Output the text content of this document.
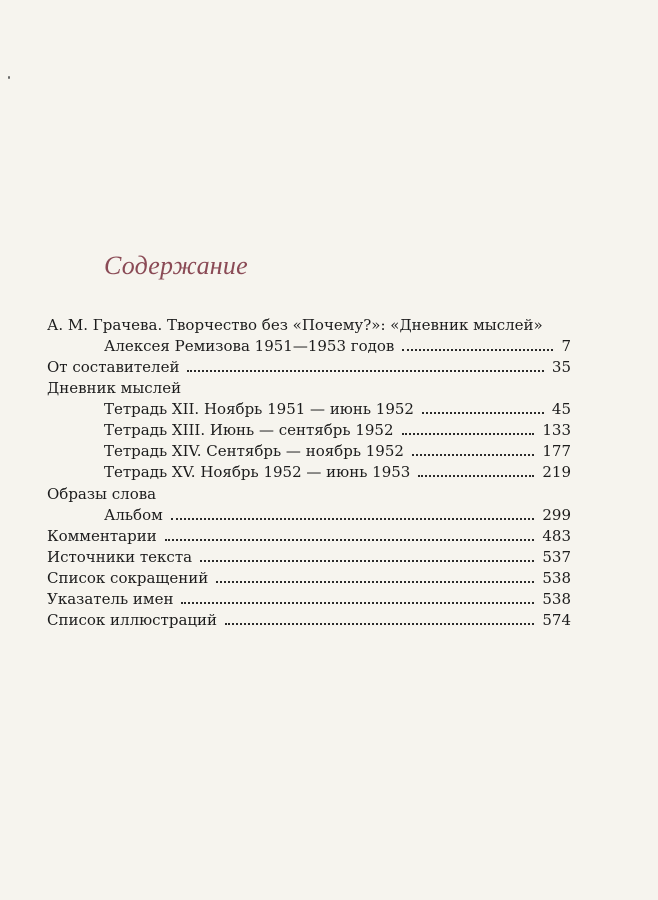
Содержание
А. М. Грачева. Творчество без «Почему?»: «Дневник мыслей»
Алексея Ремизова 1951—1953 годов	7
От составителей	35
Дневник мыслей
Тетрадь XII. Ноябрь 1951 — июнь 1952	45
Тетрадь XIII. Июнь — сентябрь 1952	133
Тетрадь XIV. Сентябрь — ноябрь 1952	177
Тетрадь XV. Ноябрь 1952 — июнь 1953	219
Образы слова
Альбом	299
Комментарии	483
Источники текста	537
Список сокращений	538
Указатель имен	538
Список иллюстраций	574
